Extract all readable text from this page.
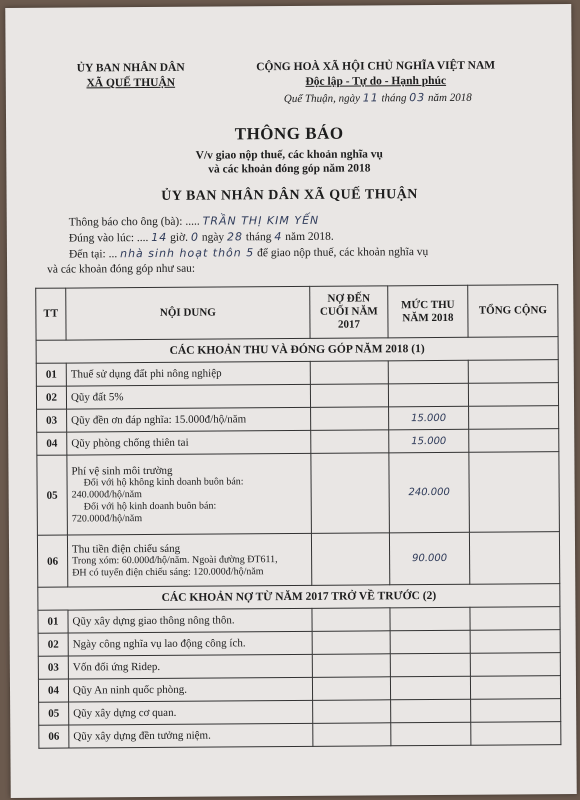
ỦY BAN NHÂN DÂN
XÃ QUẾ THUẬN
CỘNG HOÀ XÃ HỘI CHỦ NGHĨA VIỆT NAM
Độc lập - Tự do - Hạnh phúc
Quế Thuận, ngày 11 tháng 03 năm 2018
THÔNG BÁO
V/v giao nộp thuế, các khoản nghĩa vụ
và các khoản đóng góp năm 2018
ỦY BAN NHÂN DÂN XÃ QUẾ THUẬN
Thông báo cho ông (bà): ..... TRẦN THỊ KIM YẾN
Đúng vào lúc: .... 14 giờ. 0 ngày 28 tháng 4 năm 2018.
Đến tại: ... nhà sinh hoạt thôn 5 để giao nộp thuế, các khoản nghĩa vụ
và các khoản đóng góp như sau:
TT	NỘI DUNG	NỢ ĐẾN CUỐI NĂM 2017	MỨC THU NĂM 2018	TỔNG CỘNG
CÁC KHOẢN THU VÀ ĐÓNG GÓP NĂM 2018 (1)				
01	Thuế sử dụng đất phi nông nghiệp			
02	Qũy đất 5%			
03	Qũy đền ơn đáp nghĩa: 15.000đ/hộ/năm		15.000	
04	Qũy phòng chống thiên tai		15.000	
05	Phí vệ sinh môi trường
Đối với hộ không kinh doanh buôn bán:
240.000đ/hộ/năm
Đối với hộ kinh doanh buôn bán:
720.000đ/hộ/năm		240.000	
06	Thu tiền điện chiếu sáng
Trong xóm: 60.000đ/hộ/năm. Ngoài đường ĐT611,
ĐH có tuyến điện chiếu sáng: 120.000đ/hộ/năm		90.000	
CÁC KHOẢN NỢ TỪ NĂM 2017 TRỞ VỀ TRƯỚC (2)				
01	Qũy xây dựng giao thông nông thôn.			
02	Ngày công nghĩa vụ lao động công ích.			
03	Vốn đối ứng Ridep.			
04	Qũy An ninh quốc phòng.			
05	Qũy xây dựng cơ quan.			
06	Qũy xây dựng đền tưởng niệm.			
